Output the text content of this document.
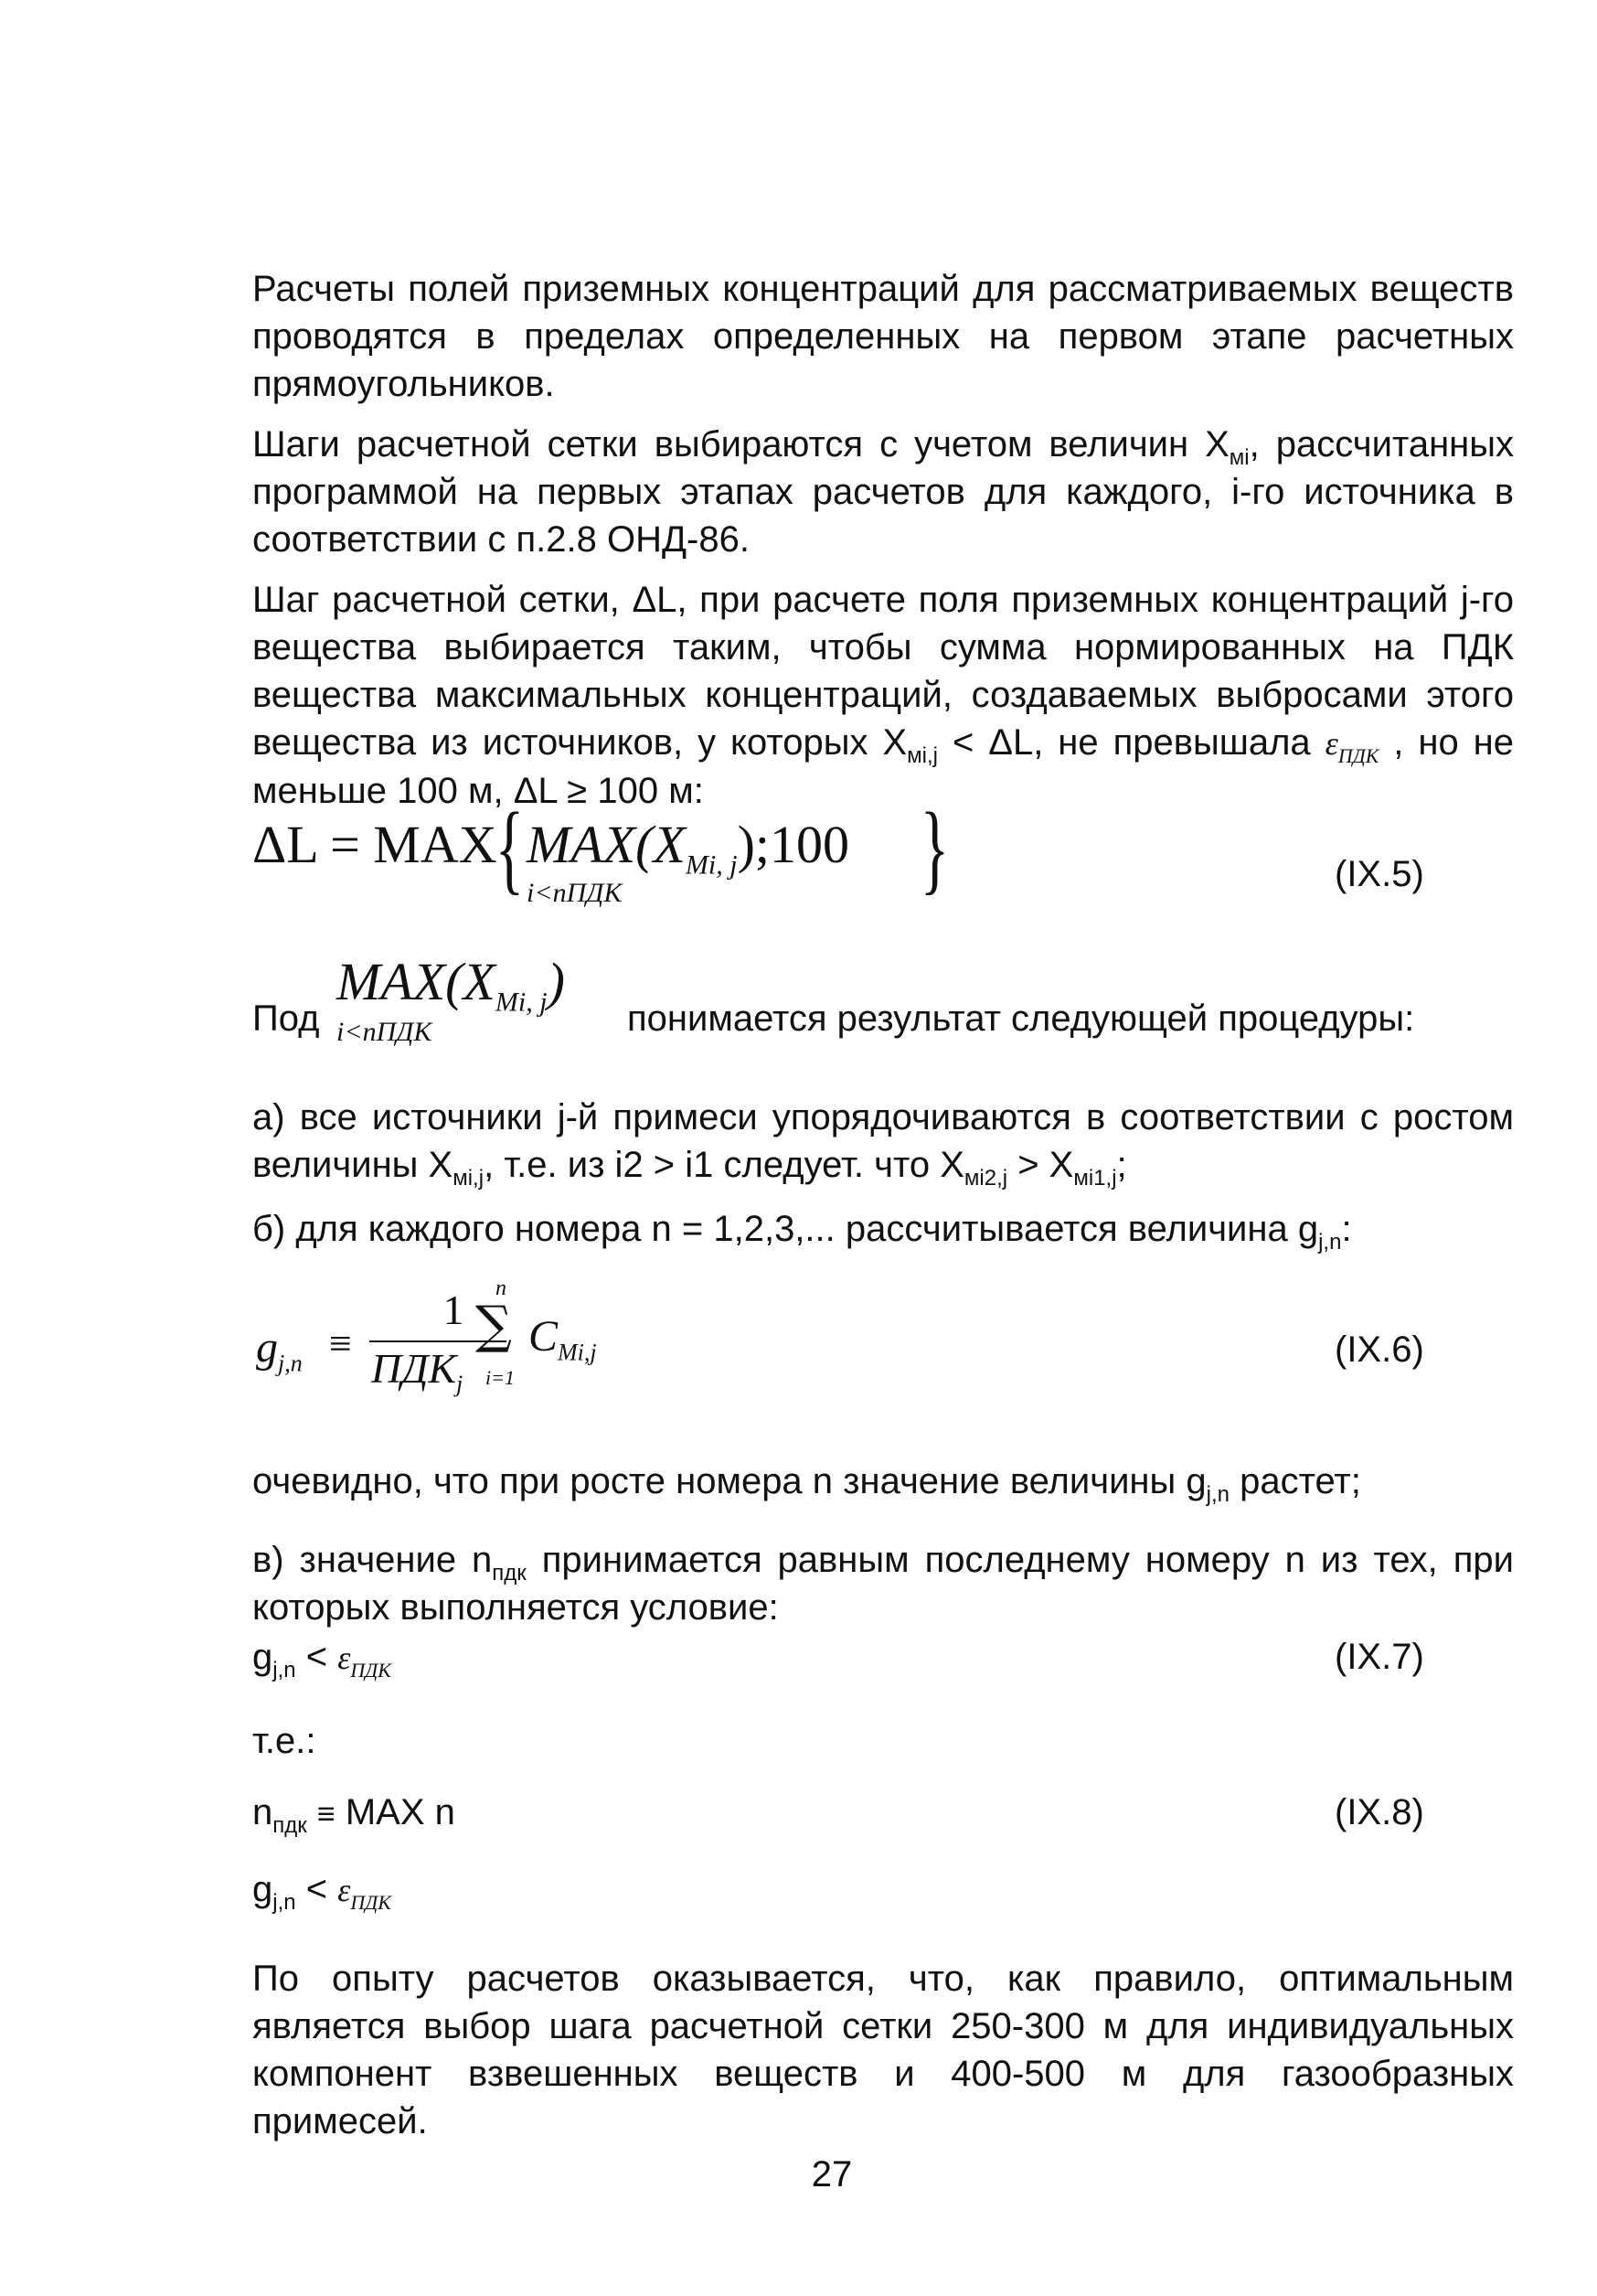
Расчеты полей приземных концентраций для рассматриваемых веществ проводятся в пределах определенных на первом этапе расчетных прямоугольников.

Шаги расчетной сетки выбираются с учетом величин $X_{мi}$, рассчитанных программой на первых этапах расчетов для каждого, i-го источника в соответствии с п.2.8 ОНД-86.

Шаг расчетной сетки, ΔL, при расчете поля приземных концентраций j-го вещества выбирается таким, чтобы сумма нормированных на ПДК вещества максимальных концентраций, создаваемых выбросами этого вещества из источников, у которых $X_{мi,j} < \Delta L$, не превышала $\varepsilon_{ПДК}$ , но не меньше 100 м, ΔL ≥ 100 м:

ΔL = MAX
{ $MAX(X_{Mi, j});100$
i<nПДК	}	(IX.5)
Под
$MAX(X_{Mi, j})$
i<nПДК	понимается результат следующей процедуры:

а) все источники j-й примеси упорядочиваются в соответствии с ростом величины $X_{мi,j}$, т.е. из i2 > i1 следует. что $X_{мi2,j} > X_{мi1,j}$;

б) для каждого номера n = 1,2,3,... рассчитывается величина $g_{j,n}$:

$g_{j,n}$ ≡
1
$ПДК_j$
n
∑
i=1
$C_{Mi,j}$	(IX.6)

очевидно, что при росте номера n значение величины $g_{j,n}$ растет;

в) значение $n_{пдк}$ принимается равным последнему номеру n из тех, при которых выполняется условие:

$g_{j,n} < \varepsilon_{ПДК}$	(IX.7)

т.е.:

$n_{пдк}$ ≡ MAX n	(IX.8)
$g_{j,n} < \varepsilon_{ПДК}$

По опыту расчетов оказывается, что, как правило, оптимальным является выбор шага расчетной сетки 250-300 м для индивидуальных компонент взвешенных веществ и 400-500 м для газообразных примесей.

27
